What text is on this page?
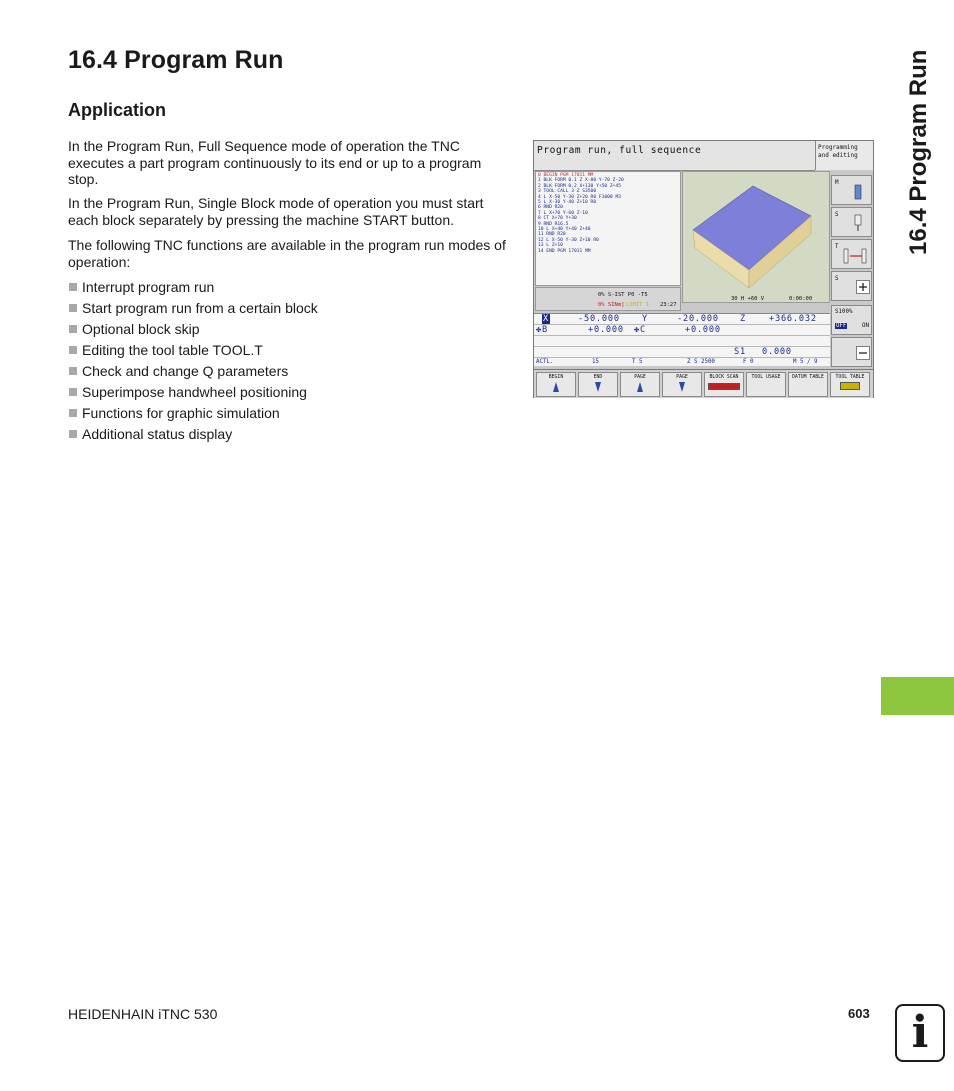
16.4 Program Run
Application
In the Program Run, Full Sequence mode of operation the TNC executes a part program continuously to its end or up to a program stop.
In the Program Run, Single Block mode of operation you must start each block separately by pressing the machine START button.
The following TNC functions are available in the program run modes of operation:
Interrupt program run
Start program run from a certain block
Optional block skip
Editing the tool table TOOL.T
Check and change Q parameters
Superimpose handwheel positioning
Functions for graphic simulation
Additional status display
16.4 Program Run
HEIDENHAIN iTNC 530	603 i
Program run, full sequence	Programming
and editing
0 BEGIN PGM 17011 MM
1 BLK FORM 0.1 Z X-80 Y-70 Z-20
2 BLK FORM 0.2 X+130 Y+50 Z+45
3 TOOL CALL 3 Z S3500
4 L X-50 Y-30 Z+20 R0 F1000 M3
5 L X-30 Y-40 Z+10 R0
6 RND R20
7 L X+70 Y-60 Z-10
8 CT X+70 Y+30
9 RND R16.5
10 L X+40 Y+40 Z+40
11 RND R20
12 L X-50 Y-30 Z+10 R0
13 L Z+10
14 END PGM 17011 MM
0% S-IST P0 -T5
0% SINm] LIMIT 1 23:27
30 H +60 V	0:00:00
X	-50.000	Y	-20.000 Z	+366.032
✤B	+0.000 ✤C	+0.000
S1 0.000
ACTL.	15	T 5	Z S 2500	F 0	M 5 / 9
M
S
T
S
S100%
OFF	ON
BEGIN	END	PAGE	PAGE	BLOCK SCAN	TOOL USAGE	DATUM TABLE	TOOL TABLE
